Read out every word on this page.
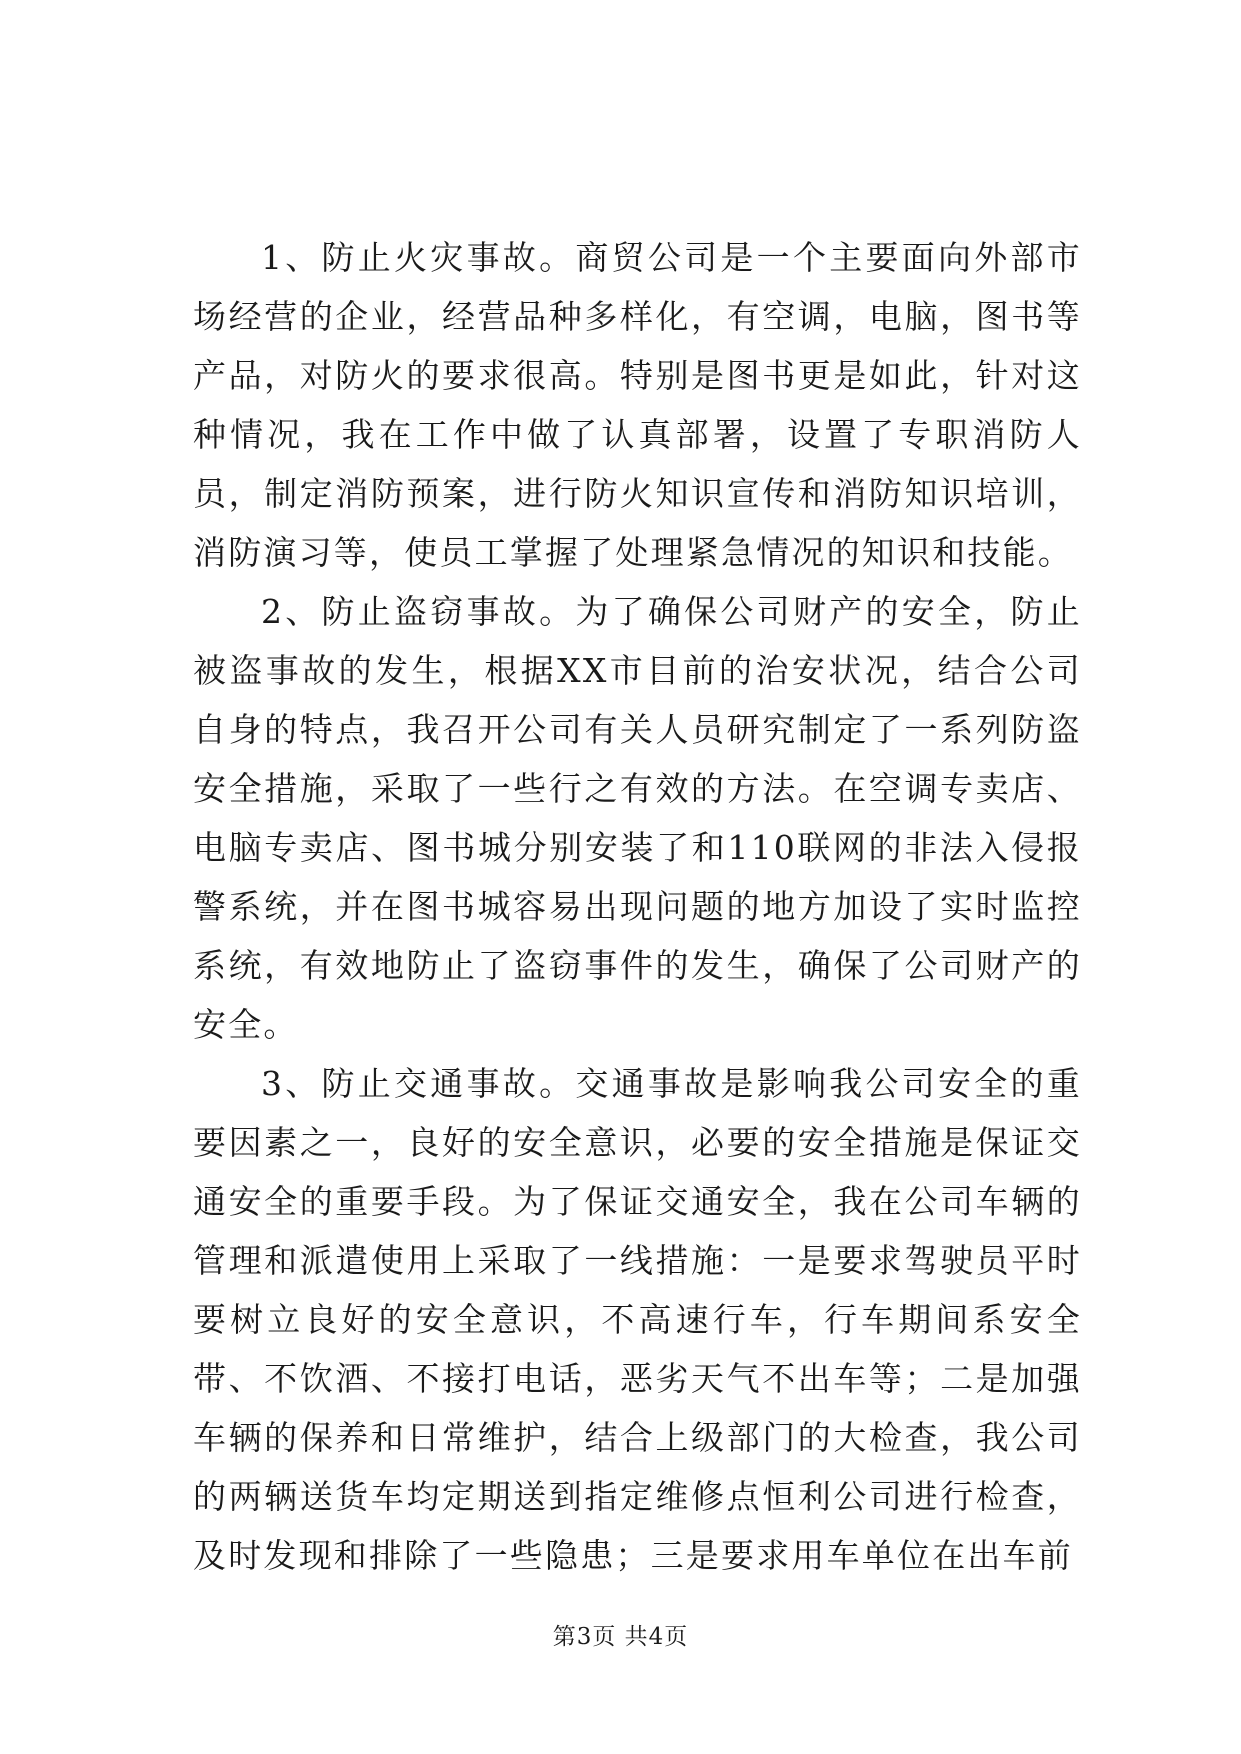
1、防止火灾事故。商贸公司是一个主要面向外部市场经营的企业，经营品种多样化，有空调，电脑，图书等产品，对防火的要求很高。特别是图书更是如此，针对这种情况，我在工作中做了认真部署，设置了专职消防人员，制定消防预案，进行防火知识宣传和消防知识培训，消防演习等，使员工掌握了处理紧急情况的知识和技能。

2、防止盗窃事故。为了确保公司财产的安全，防止被盗事故的发生，根据XX市目前的治安状况，结合公司自身的特点，我召开公司有关人员研究制定了一系列防盗安全措施，采取了一些行之有效的方法。在空调专卖店、电脑专卖店、图书城分别安装了和110联网的非法入侵报警系统，并在图书城容易出现问题的地方加设了实时监控系统，有效地防止了盗窃事件的发生，确保了公司财产的安全。

3、防止交通事故。交通事故是影响我公司安全的重要因素之一，良好的安全意识，必要的安全措施是保证交通安全的重要手段。为了保证交通安全，我在公司车辆的管理和派遣使用上采取了一线措施：一是要求驾驶员平时要树立良好的安全意识，不高速行车，行车期间系安全带、不饮酒、不接打电话，恶劣天气不出车等；二是加强车辆的保养和日常维护，结合上级部门的大检查，我公司的两辆送货车均定期送到指定维修点恒利公司进行检查，及时发现和排除了一些隐患；三是要求用车单位在出车前

第3页 共4页
